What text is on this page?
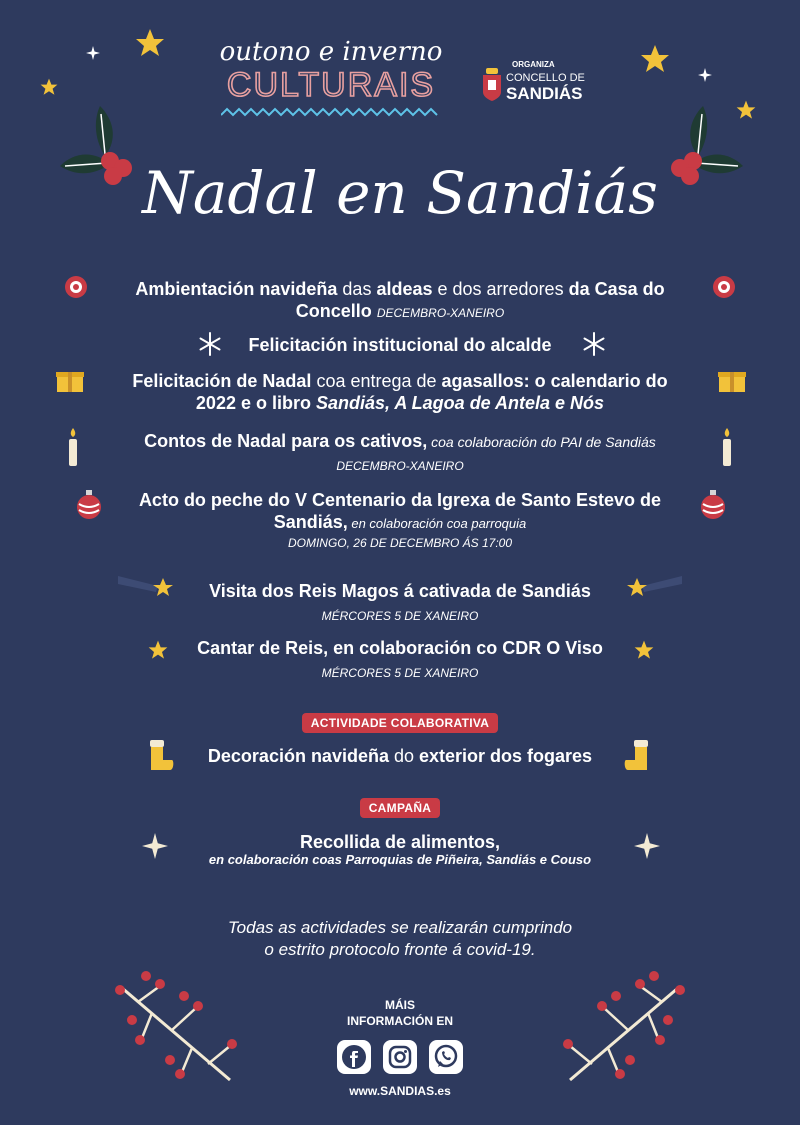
outono e inverno
CULTURAIS
ORGANIZA
CONCELLO DE
SANDIÁS
Nadal en Sandiás
Ambientación navideña das aldeas e dos arredores da Casa do
Concello DECEMBRO-XANEIRO
Felicitación institucional do alcalde
Felicitación de Nadal coa entrega de agasallos: o calendario do
2022 e o libro Sandiás, A Lagoa de Antela e Nós
Contos de Nadal para os cativos, coa colaboración do PAI de Sandiás
DECEMBRO-XANEIRO
Acto do peche do V Centenario da Igrexa de Santo Estevo de
Sandiás, en colaboración coa parroquia
DOMINGO, 26 DE DECEMBRO ÁS 17:00
Visita dos Reis Magos á cativada de Sandiás
MÉRCORES 5 DE XANEIRO
Cantar de Reis, en colaboración co CDR O Viso
MÉRCORES 5 DE XANEIRO
ACTIVIDADE COLABORATIVA
Decoración navideña do exterior dos fogares
CAMPAÑA
Recollida de alimentos,
en colaboración coas Parroquias de Piñeira, Sandiás e Couso
Todas as actividades se realizarán cumprindo
o estrito protocolo fronte á covid-19.
MÁIS
INFORMACIÓN EN

www.SANDIAS.es
